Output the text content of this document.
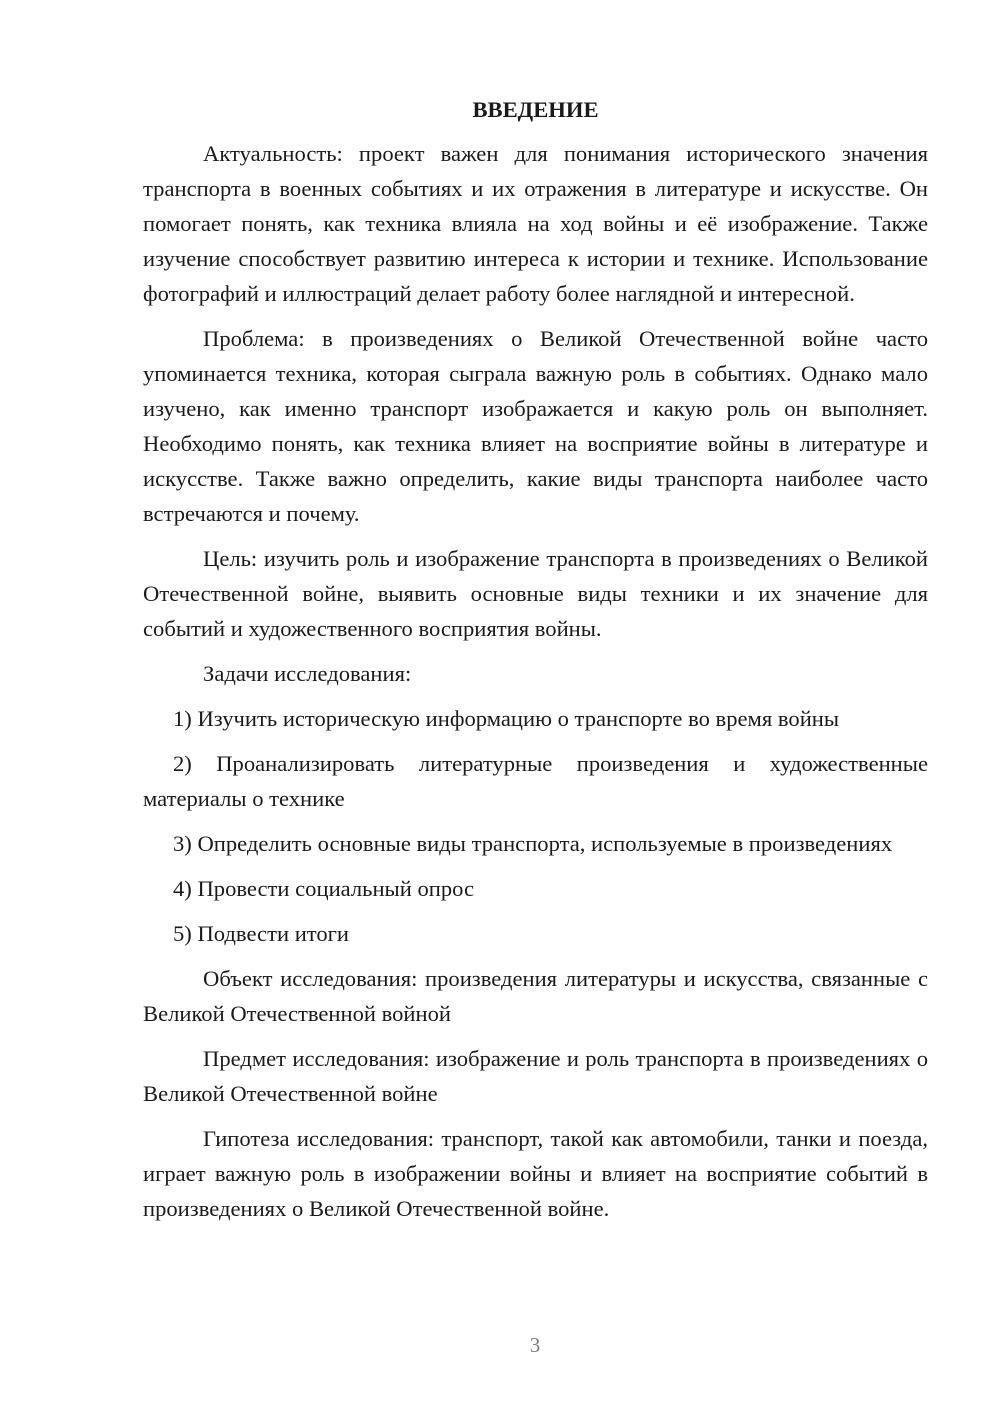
ВВЕДЕНИЕ

Актуальность: проект важен для понимания исторического значения транспорта в военных событиях и их отражения в литературе и искусстве. Он помогает понять, как техника влияла на ход войны и её изображение. Также изучение способствует развитию интереса к истории и технике. Использование фотографий и иллюстраций делает работу более наглядной и интересной.

Проблема: в произведениях о Великой Отечественной войне часто упоминается техника, которая сыграла важную роль в событиях. Однако мало изучено, как именно транспорт изображается и какую роль он выполняет. Необходимо понять, как техника влияет на восприятие войны в литературе и искусстве. Также важно определить, какие виды транспорта наиболее часто встречаются и почему.

Цель: изучить роль и изображение транспорта в произведениях о Великой Отечественной войне, выявить основные виды техники и их значение для событий и художественного восприятия войны.

Задачи исследования:

1) Изучить историческую информацию о транспорте во время войны

2) Проанализировать литературные произведения и художественные материалы о технике

3) Определить основные виды транспорта, используемые в произведениях

4) Провести социальный опрос

5) Подвести итоги

Объект исследования: произведения литературы и искусства, связанные с Великой Отечественной войной

Предмет исследования: изображение и роль транспорта в произведениях о Великой Отечественной войне

Гипотеза исследования: транспорт, такой как автомобили, танки и поезда, играет важную роль в изображении войны и влияет на восприятие событий в произведениях о Великой Отечественной войне.

3
